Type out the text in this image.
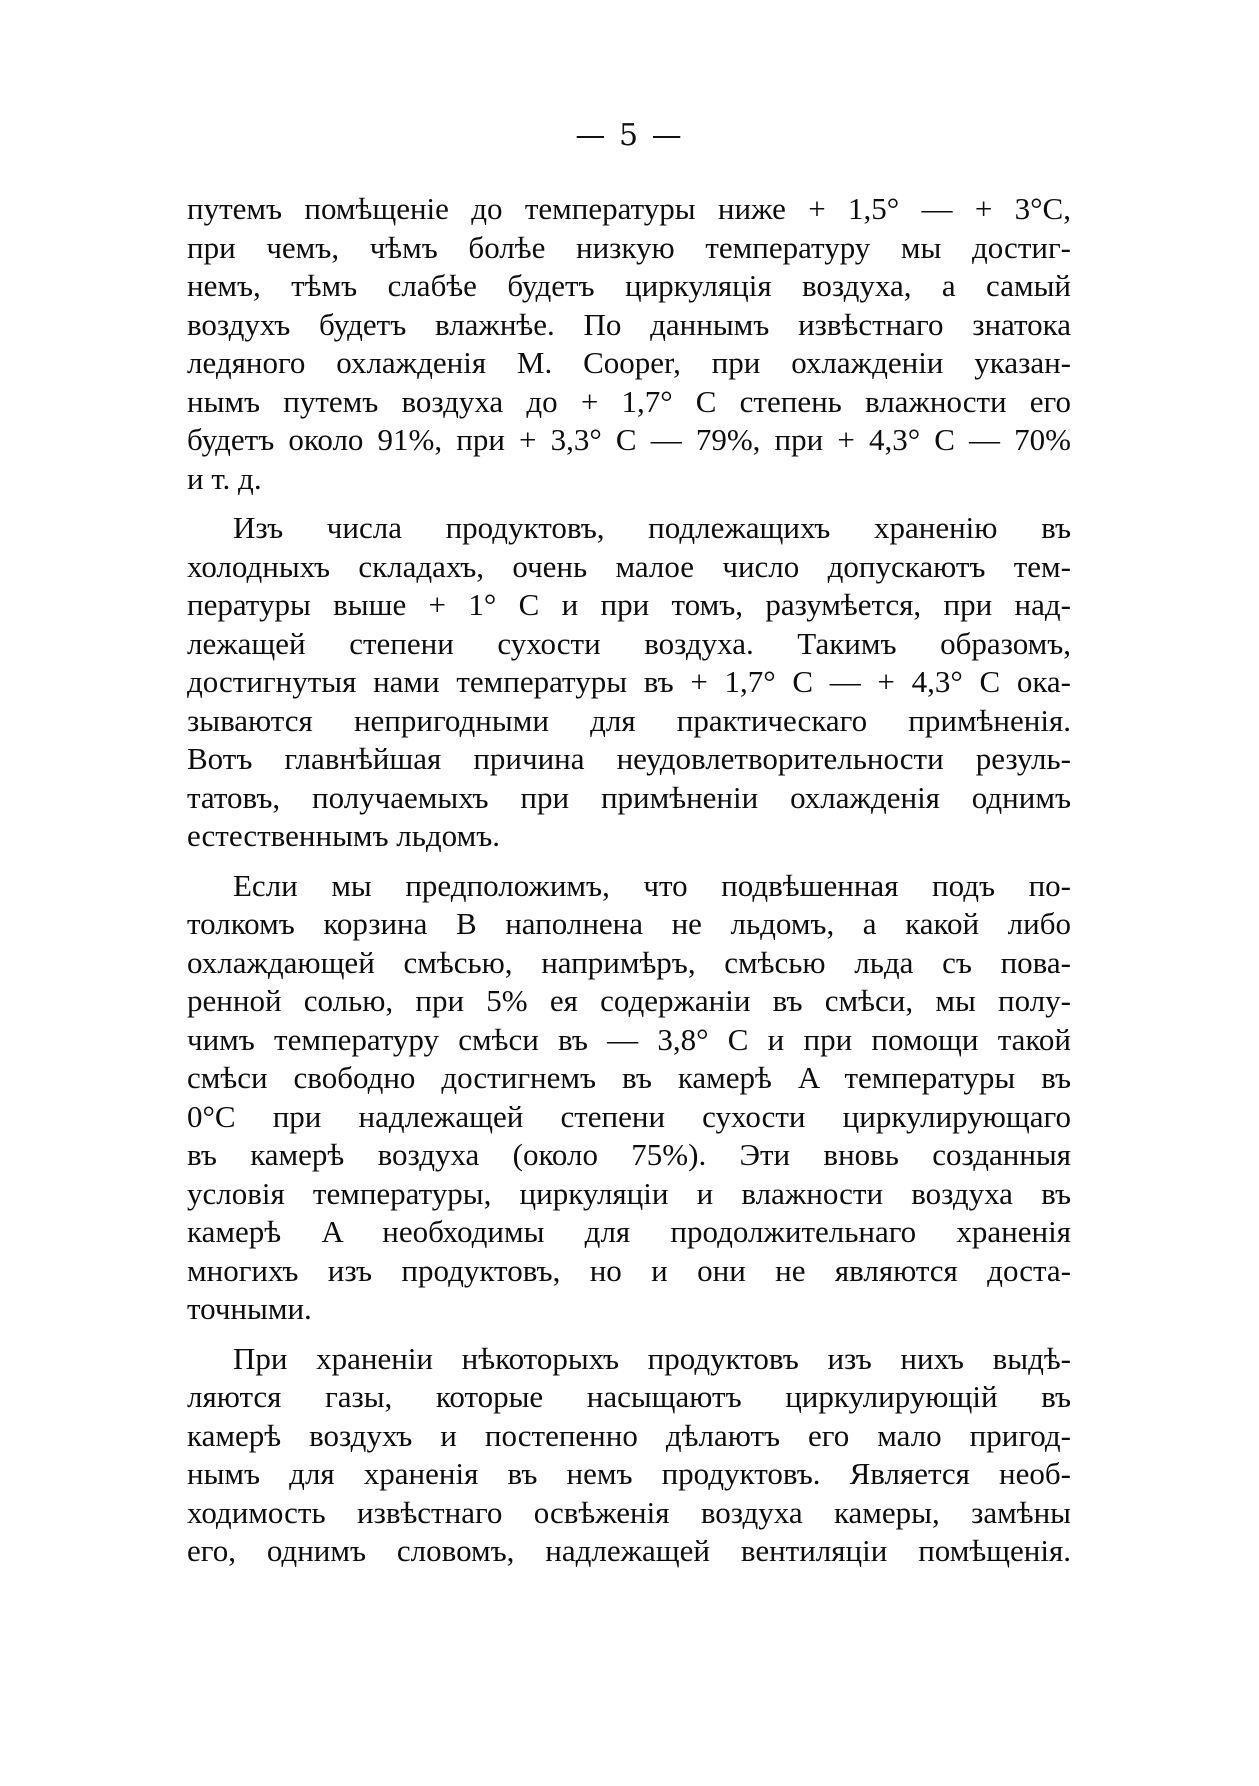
— 5 —

путемъ помѣщеніе до температуры ниже + 1,5° — + 3°C,
при чемъ, чѣмъ болѣе низкую температуру мы достиг-
немъ, тѣмъ слабѣе будетъ циркуляція воздуха, а самый
воздухъ будетъ влажнѣе. По даннымъ извѣстнаго знатока
ледяного охлажденія М. Cooper, при охлажденіи указан-
нымъ путемъ воздуха до + 1,7° C степень влажности его
будетъ около 91%, при + 3,3° C — 79%, при + 4,3° C — 70%
и т. д.

Изъ числа продуктовъ, подлежащихъ храненію въ
холодныхъ складахъ, очень малое число допускаютъ тем-
пературы выше + 1° C и при томъ, разумѣется, при над-
лежащей степени сухости воздуха. Такимъ образомъ,
достигнутыя нами температуры въ + 1,7° C — + 4,3° C ока-
зываются непригодными для практическаго примѣненія.
Вотъ главнѣйшая причина неудовлетворительности резуль-
татовъ, получаемыхъ при примѣненіи охлажденія однимъ
естественнымъ льдомъ.

Если мы предположимъ, что подвѣшенная подъ по-
толкомъ корзина B наполнена не льдомъ, а какой либо
охлаждающей смѣсью, напримѣръ, смѣсью льда съ пова-
ренной солью, при 5% ея содержаніи въ смѣси, мы полу-
чимъ температуру смѣси въ — 3,8° C и при помощи такой
смѣси свободно достигнемъ въ камерѣ A температуры въ
0°C при надлежащей степени сухости циркулирующаго
въ камерѣ воздуха (около 75%). Эти вновь созданныя
условія температуры, циркуляціи и влажности воздуха въ
камерѣ A необходимы для продолжительнаго храненія
многихъ изъ продуктовъ, но и они не являются доста-
точными.

При храненіи нѣкоторыхъ продуктовъ изъ нихъ выдѣ-
ляются газы, которые насыщаютъ циркулирующій въ
камерѣ воздухъ и постепенно дѣлаютъ его мало пригод-
нымъ для храненія въ немъ продуктовъ. Является необ-
ходимость извѣстнаго освѣженія воздуха камеры, замѣны
его, однимъ словомъ, надлежащей вентиляціи помѣщенія.
